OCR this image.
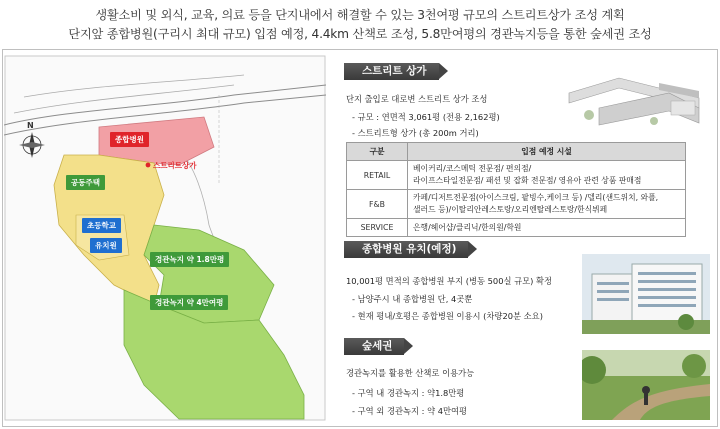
생활소비 및 외식, 교육, 의료 등을 단지내에서 해결할 수 있는 3천여평 규모의 스트리트상가 조성 계획
단지앞 종합병원(구리시 최대 규모) 입점 예정, 4.4km 산책로 조성, 5.8만여평의 경관녹지등을 통한 숲세권 조성
N
종합병원
스트리트상가
공동주택
초등학교
유치원
경관녹지 약 1.8만평
경관녹지 약 4만여평
스트리트 상가
단지 출입로 대로변 스트리트 상가 조성
- 규모 : 연면적 3,061평 (전용 2,162평)
- 스트리트형 상가 (총 200m 거리)
구분	입점 예정 시설
RETAIL	베이커리/코스메틱 전문점/ 편의점/
라이프스타일전문점/ 패션 및 잡화 전문점/ 영유아 관련 상품 판매점

F&B	카페/디저트전문점(아이스크림, 팥빙수,케이크 등) /델리(샌드위치, 와플,
샐러드 등)/이탈리안레스토랑/오리엔탈레스토랑/한식뷔페

SERVICE	은행/헤어샵/클리닉/한의원/학원
종합병원 유치(예정)
10,001평 면적의 종합병원 부지 (병동 500실 규모) 확정
- 남양주시 내 종합병원 단, 4곳뿐
- 현재 평내/호평은 종합병원 이용시 (차량20분 소요)
숲세권
경관녹지를 활용한 산책로 이용가능
- 구역 내 경관녹지 : 약1.8만평
- 구역 외 경관녹지 : 약 4만여평
